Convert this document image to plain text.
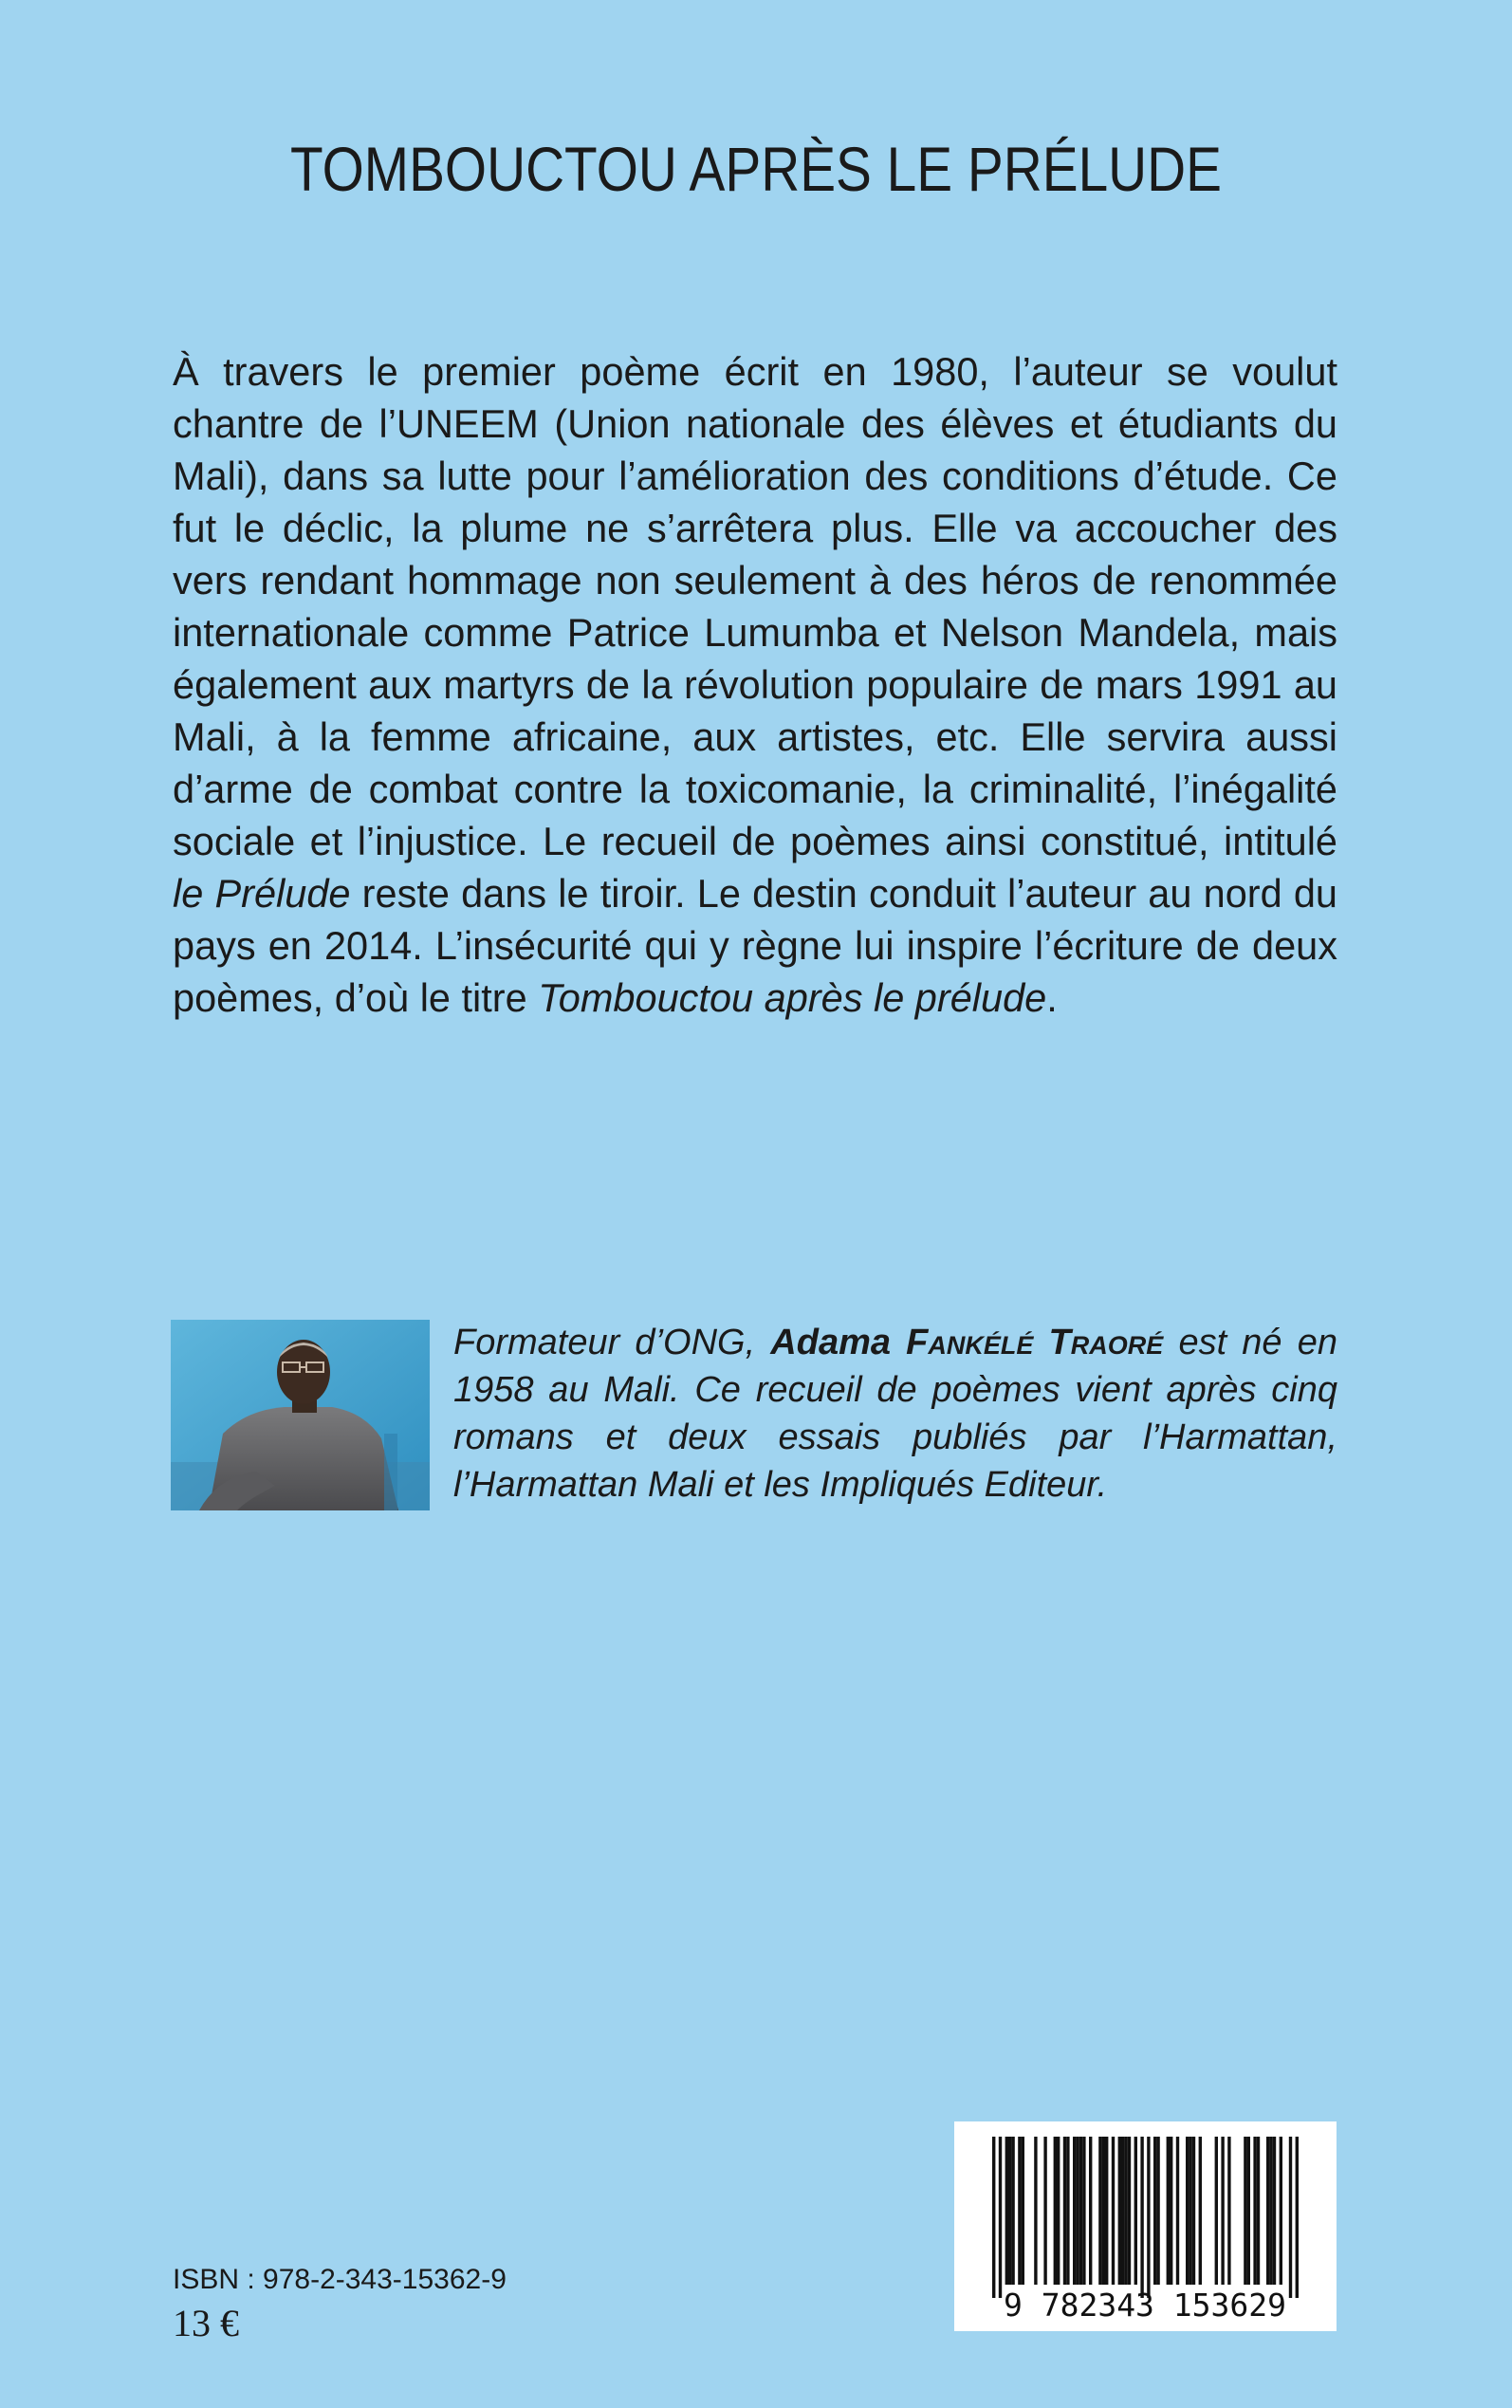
TOMBOUCTOU APRÈS LE PRÉLUDE
À travers le premier poème écrit en 1980, l’auteur se voulut chantre de l’UNEEM (Union nationale des élèves et étudiants du Mali), dans sa lutte pour l’amélioration des conditions d’étude. Ce fut le déclic, la plume ne s’arrêtera plus. Elle va accoucher des vers rendant hommage non seulement à des héros de renommée internationale comme Patrice Lumumba et Nelson Mandela, mais également aux martyrs de la révolution populaire de mars 1991 au Mali, à la femme africaine, aux artistes, etc. Elle servira aussi d’arme de combat contre la toxicomanie, la criminalité, l’inégalité sociale et l’injustice. Le recueil de poèmes ainsi constitué, intitulé le Prélude reste dans le tiroir. Le destin conduit l’auteur au nord du pays en 2014. L’insécurité qui y règne lui inspire l’écriture de deux poèmes, d’où le titre Tombouctou après le prélude.
Formateur d’ONG, Adama Fankélé Traoré est né en 1958 au Mali. Ce recueil de poèmes vient après cinq romans et deux essais publiés par l’Harmattan, l’Harmattan Mali et les Impliqués Editeur.
ISBN : 978-2-343-15362-9
13 €	9 782343 153629
